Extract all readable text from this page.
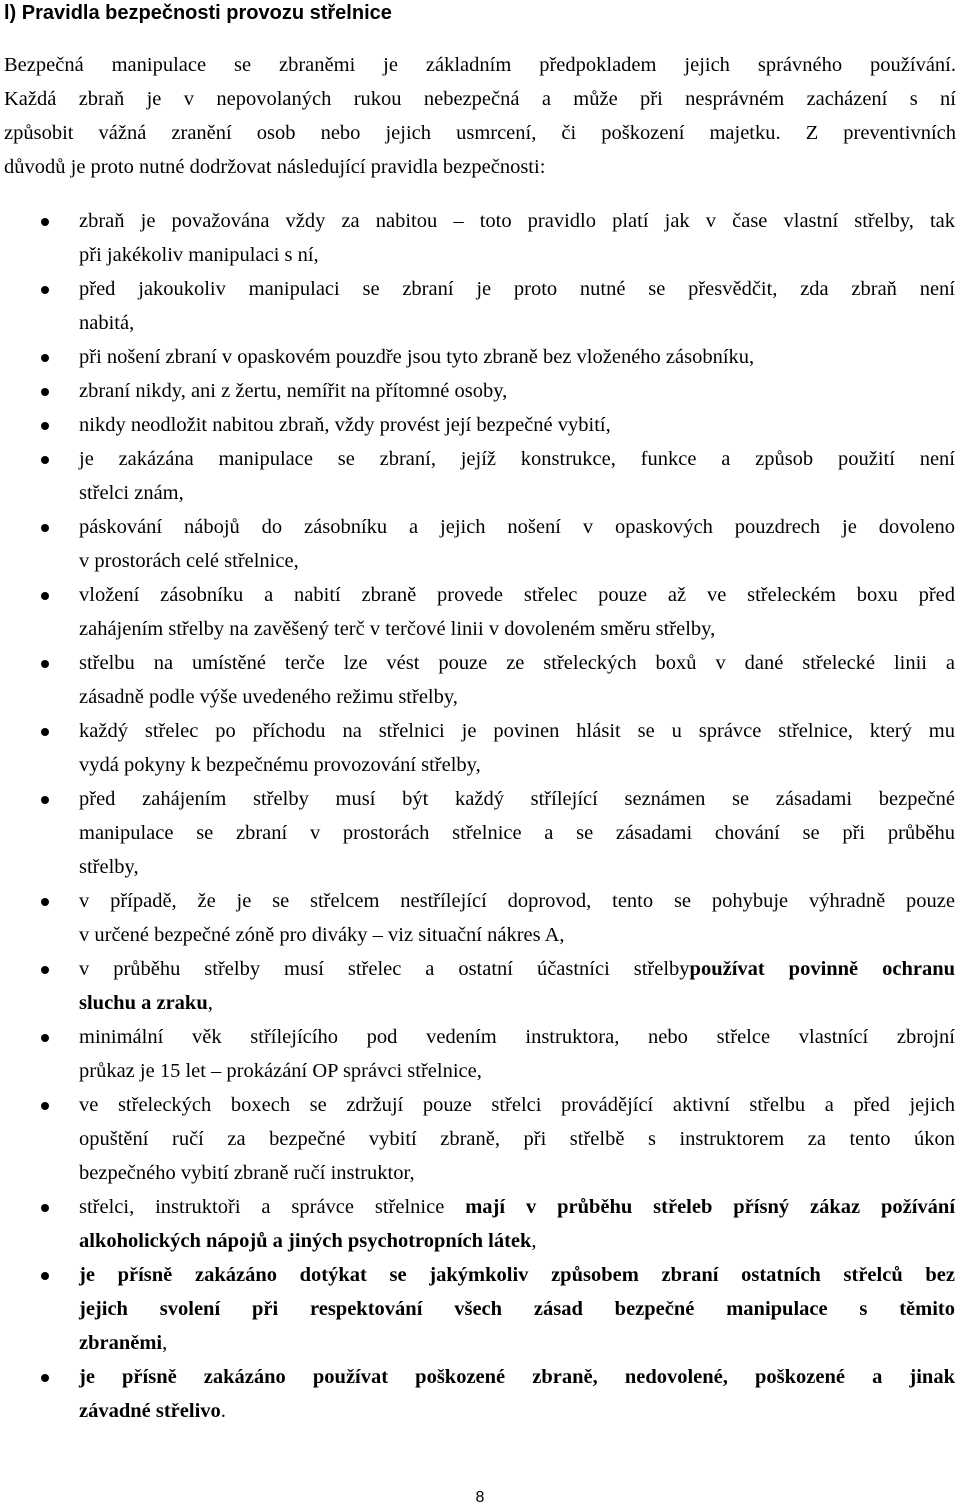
l) Pravidla bezpečnosti provozu střelnice
Bezpečná manipulace se zbraněmi je základním předpokladem jejich správného používání.
Každá zbraň je v nepovolaných rukou nebezpečná a může při nesprávném zacházení s ní
způsobit vážná zranění osob nebo jejich usmrcení, či poškození majetku. Z preventivních
důvodů je proto nutné dodržovat následující pravidla bezpečnosti:
zbraň je považována vždy za nabitou – toto pravidlo platí jak v čase vlastní střelby, tak
při jakékoliv manipulaci s ní,
před jakoukoliv manipulaci se zbraní je proto nutné se přesvědčit, zda zbraň není
nabitá,
při nošení zbraní v opaskovém pouzdře jsou tyto zbraně bez vloženého zásobníku,
zbraní nikdy, ani z žertu, nemířit na přítomné osoby,
nikdy neodložit nabitou zbraň, vždy provést její bezpečné vybití,
je zakázána manipulace se zbraní, jejíž konstrukce, funkce a způsob použití není
střelci znám,
páskování nábojů do zásobníku a jejich nošení v opaskových pouzdrech je dovoleno
v prostorách celé střelnice,
vložení zásobníku a nabití zbraně provede střelec pouze až ve střeleckém boxu před
zahájením střelby na zavěšený terč v terčové linii v dovoleném směru střelby,
střelbu na umístěné terče lze vést pouze ze střeleckých boxů v dané střelecké linii a
zásadně podle výše uvedeného režimu střelby,
každý střelec po příchodu na střelnici je povinen hlásit se u správce střelnice, který mu
vydá pokyny k bezpečnému provozování střelby,
před zahájením střelby musí být každý střílející seznámen se zásadami bezpečné
manipulace se zbraní v prostorách střelnice a se zásadami chování se při průběhu
střelby,
v případě, že je se střelcem nestřílející doprovod, tento se pohybuje výhradně pouze
v určené bezpečné zóně pro diváky – viz situační nákres A,
v průběhu střelby musí střelec a ostatní účastníci střelbypoužívat povinně ochranu
sluchu a zraku,
minimální věk střílejícího pod vedením instruktora, nebo střelce vlastnící zbrojní
průkaz je 15 let – prokázání OP správci střelnice,
ve střeleckých boxech se zdržují pouze střelci provádějící aktivní střelbu a před jejich
opuštění ručí za bezpečné vybití zbraně, při střelbě s instruktorem za tento úkon
bezpečného vybití zbraně ručí instruktor,
střelci, instruktoři a správce střelnice mají v průběhu střeleb přísný zákaz požívání
alkoholických nápojů a jiných psychotropních látek,
je přísně zakázáno dotýkat se jakýmkoliv způsobem zbraní ostatních střelců bez
jejich svolení při respektování všech zásad bezpečné manipulace s těmito
zbraněmi,
je přísně zakázáno používat poškozené zbraně, nedovolené, poškozené a jinak
závadné střelivo.
8
